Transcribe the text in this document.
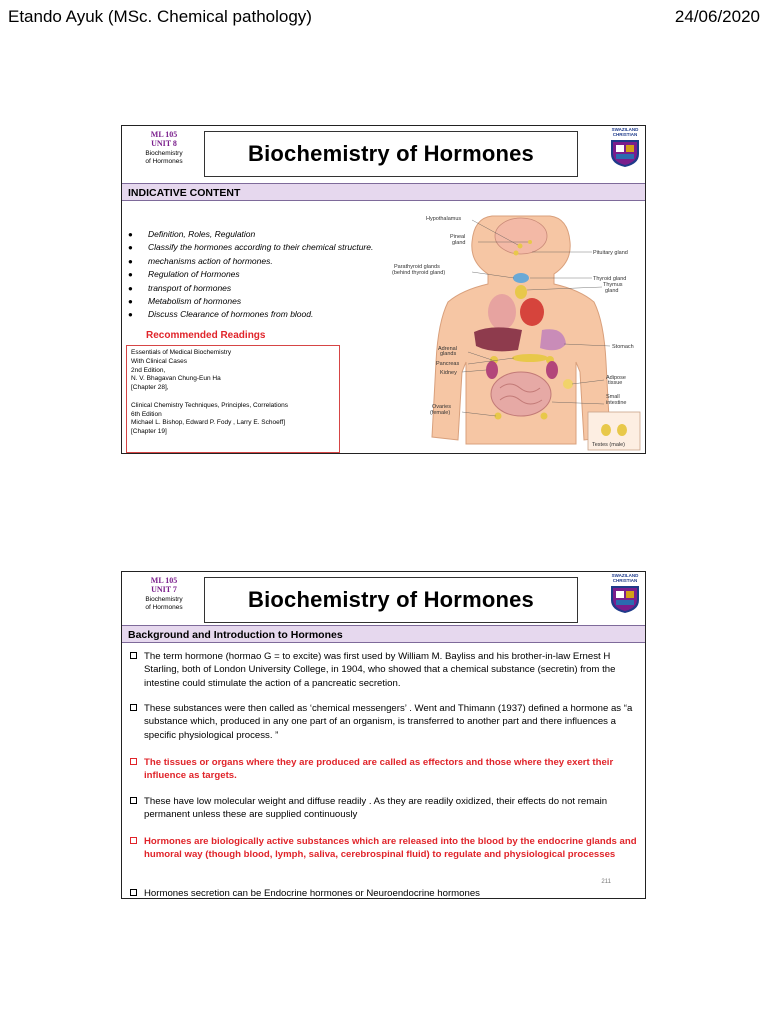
Etando Ayuk (MSc. Chemical pathology)	24/06/2020
ML 105
UNIT 8
Biochemistry
of Hormones	Biochemistry of Hormones
SWAZILAND
CHRISTIAN
INDICATIVE CONTENT
● Definition, Roles, Regulation
● Classify the hormones according to their chemical structure.
● mechanisms action of hormones.
● Regulation of Hormones
● transport of hormones
● Metabolism of hormones
● Discuss Clearance of hormones from blood.
Recommended Readings
Essentials of Medical Biochemistry
With Clinical Cases
2nd Edition,
N. V. Bhagavan Chung-Eun Ha
[Chapter 28],
Clinical Chemistry Techniques, Principles, Correlations
6th Edition
Michael L. Bishop, Edward P. Fody , Larry E. Schoeff]
[Chapter 19]
Hypothalamus
Pineal
gland
Pituitary gland
Parathyroid glands
(behind thyroid gland)
Thyroid gland
Thymus
gland
Stomach
Adrenal
glands
Pancreas
Kidney
Adipose
tissue
Small
intestine
Ovaries
(female)
Testes (male)
ML 105
UNIT 7
Biochemistry
of Hormones	Biochemistry of Hormones
SWAZILAND
CHRISTIAN
Background and Introduction to Hormones
The term hormone (hormao G = to excite) was first used by William M. Bayliss and his brother-in-law Ernest H Starling, both of London University College, in 1904, who showed that a chemical substance (secretin) from the intestine could stimulate the action of a pancreatic secretion.
These substances were then called as ‘chemical messengers’ . Went and Thimann (1937) defined a hormone as “a substance which, produced in any one part of an organism, is transferred to another part and there influences a specific physiological process. ”
The tissues or organs where they are produced are called as effectors and those where they exert their influence as targets.
These have low molecular weight and diffuse readily . As they are readily oxidized, their effects do not remain permanent unless these are supplied continuously
Hormones are biologically active substances which are released into the blood by the endocrine glands and humoral way (though blood, lymph, saliva, cerebrospinal fluid) to regulate and physiological processes
Hormones secretion can be Endocrine hormones or Neuroendocrine hormones
211
